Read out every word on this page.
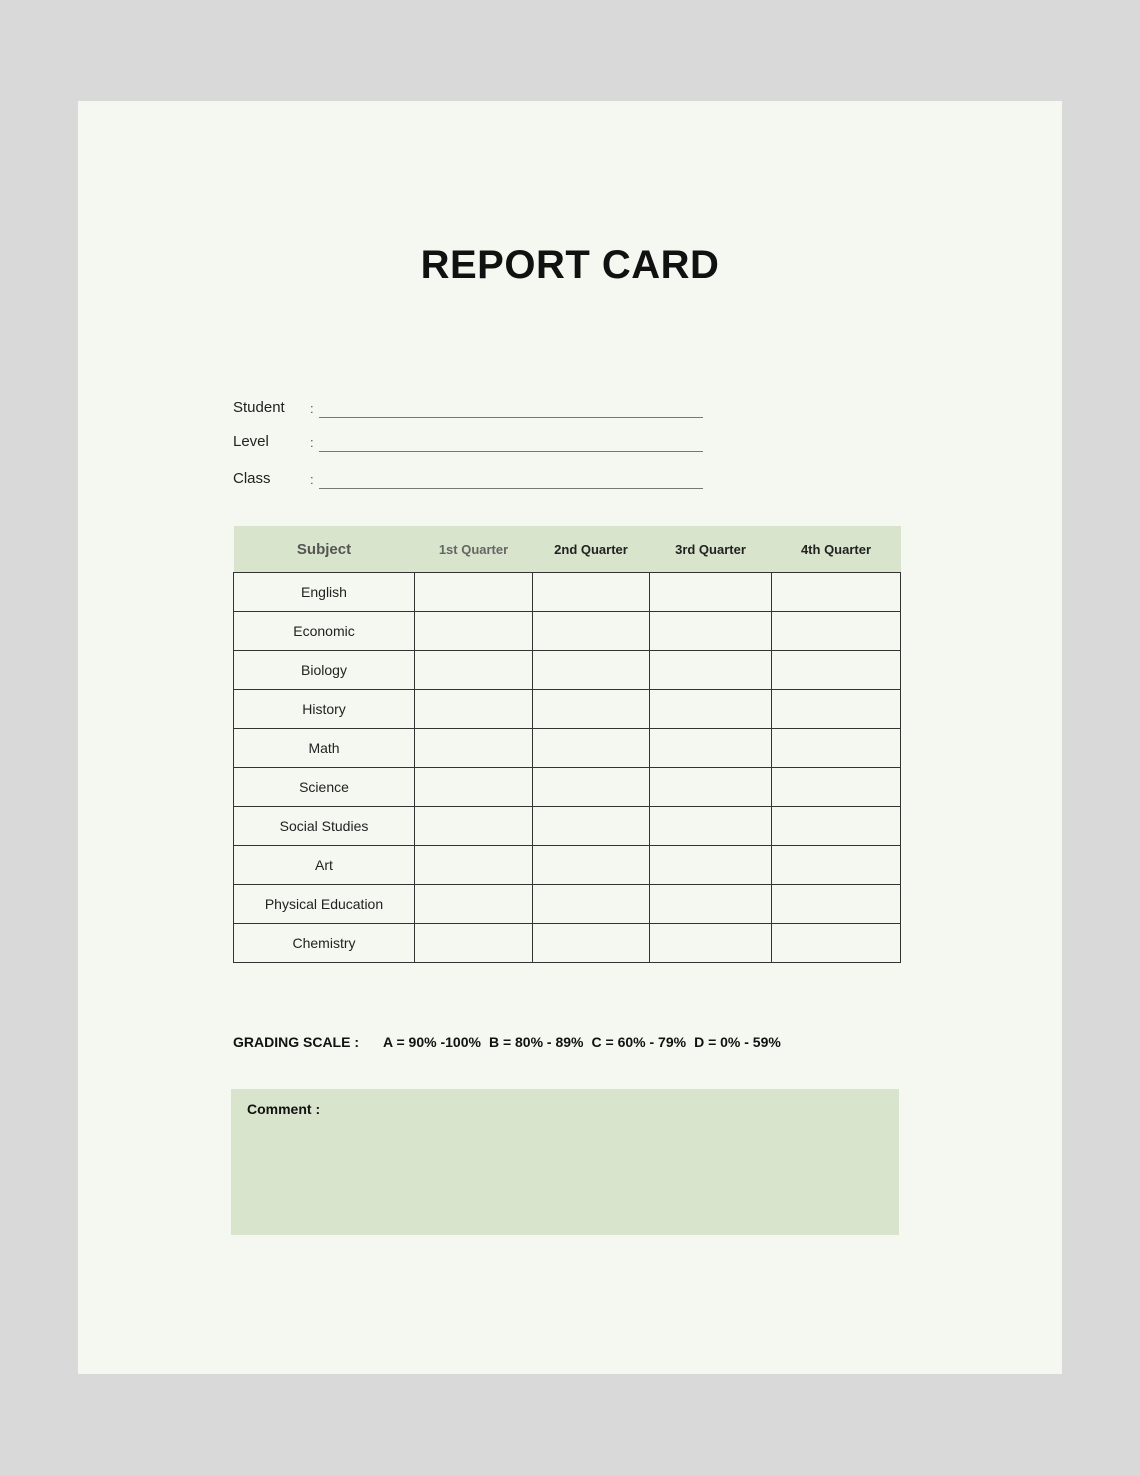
REPORT CARD
Student :
Level	:
Class	:
Subject	1st Quarter	2nd Quarter	3rd Quarter	4th Quarter
English				
Economic				
Biology				
History				
Math				
Science				
Social Studies				
Art				
Physical Education				
Chemistry				
GRADING SCALE : A = 90% -100% B = 80% - 89% C = 60% - 79% D = 0% - 59%
Comment :
